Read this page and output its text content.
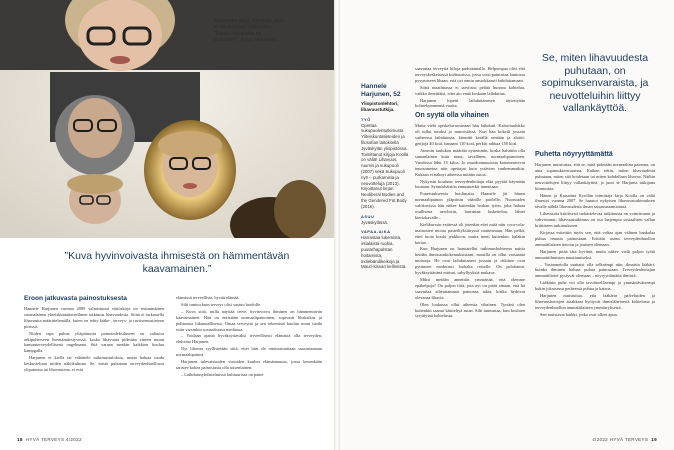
Naiseteen liittyy ihanteita, joita ei voi koskaan saavuttaa. ”Kenen tavoitteita se palvelee?”, kysyy Harjunen.
”Kuva hyvinvoivasta ihmisestä on hämmentävän kaavamainen.”
Eroon jatkuvasta painostuksesta

Hannele Harjunen vuonna 2009 valmistunut väitöskirja on ensimmäinen suomalainen yhteiskuntatieteellinen tutkimus lihavuudesta. Siinä ei tarkastella lihavuutta määrittelemällä, kuten on tehty lääke-, terveys- ja ravitsemustieteen piirissä.

Niiden tapa puhua yltäpäinosta painoindeksilineen on valtaosa arkipuheeseen lisentämävstyvessä, koska lihavuuta pidetään eineen muun kansanterveydellisenä ongelmana. Sitä varaan meidän kaikkien koulua kampgalla.

Harjunen ei kiellä tai vähättele tutkimustuloksia, mutta haluaa tuoda keskusteluun niiden näkökulman. Se, mistä puhutaan terveydenhuollossa ylipainona tai lihavuutena, ei esiä

elämässä terveellistä, hyvää elämää.

Silti tuntuu kuin terveys olisi vastuu hoidolle.

– Kuva siitä, millä näyttää terve, hyvinvoiva ihminen on hämmentävän kaavamainen. Hän on entistään normaalipainoinen, sopivasti lihaksikas ja puhtaassa liikunnallisesta. Omaa terveyttä ja sen tekemistä kuuluu moni tuoda esiin varsinkin sosiaalisessa mediassa.

– Voidaan ajatun hyväksyttäväksi terveellisesti elämästä olla terveyden, ehdottaa Harjunen.

Nyt lihavaa syyllistetään siitä, ettei hän ole ominaisuuttaan saavuttamaan normaalipainoa.

Harjunen tulevaisuuden visioiden kuuluu elämänmuuto, jossa kenenkään taristee kokea painostusta olla toisenlainen.

– Laihdutusyhdistelmissä kulttuurissa on paine

18 HYVÄ TERVEYS 4/2022
Hannele Harjunen, 52
Yliopistonlehtori, lihavuustutkija.
TYÖ
Opettaa sukupuolentutkimusta Yliteiskuntatieteiden ja filosofian laitoksella Jyväskylän yliopistossa. Toimittanut kirjoja Koolla on väliä! Lihavuus, ruumis ja sukupuoli (2007) sekä Sukupuoli nyt! – purkamisia ja neuvotteluja (2013). Kirjoittanut kirjan Neoliberal Bodies and the Gendered Fat Body (2016).
ASUU
Jyväskylässä.
VAPAA-AIKA
Harrastaa lukemista, intialaista ruokia, puutarhapalstan hoitamista, indiebändikeikoja ja Mauri-kissan kellimistä.

saavuttaa terveyttä kiloja pudottamalla. Helpompaa olisi että terveyskeskeisessä kulttuurissa, jossa voisi painostaa kuntossa pysymiseen lihaan, eriä ovi ennin ansiokkaasti laihduttamaan.

Siinä maailmassa ei tarvitsisi pelätä huonoa kohtelua, vaikka ilmeittäisi, ettei aio enää koskaan laihduttaa.

Harjunen lopetti laihduttamisen täytettyään kolmekymmentä vuotta.

On syytä olla vihainen

Mutta vielä opiskeluvuosinaan hän laihdutti. Kaloritaulukko oli tullut tutuksi jo murrosiässä. Kun hän kokeili jossain vaiheessa laihdutusta, kiinnitti kerällä sentään ja aloitti: gettjojä 40 kcal, banaani 110 kcal, perkiit rahkaa 150 kcal.

Aineoin taulukon määrätä nyttemmin, koska haluttiin olla samanlainen kuin muut, tavallinen, normaalipainoinen. Vuodessa lähti 15 kiloa. Jo muodonmuutosta kommentoivat innostuneina niin opettajat kuin ystävien vanhemmatkin. Kukaan ei nähnyt aiheessa mitään outoa.

Nykyisin kouluun terveydenhoitaja elää pyytää käymään luonaan. Syömishäiriön ennusmerkit tunnetaan.

Poneistukseesta huolimatta Hannele jäi hänen normaalipainon yläpiiriin väärälle puolelle. Nuoruuden valokuvissa hän näkee kuitenkin hoikan tytön, joka haluaa osallisena aerobicin, harrastaa laskettelua, lähtei kiertokavalle...

Kielikurssin esittessä oli jotenkin ettei mitä niin coca-cola-mainosten moota pasteiltyksiinyssä vaatteissaan. Hän pelkä, ettei tuota koulu jenkkoon, mutta meni kuitenkin. kalakin kertaa.

Kun Harjunen on haastatellut tutkimuskohteena naisia heidän ihmisuonkokemuksistaan, mouilla on ollut varsaanta muistoja. He ovat laihduttaneet jossain ja riikitine ovat pyttimeet moderasti lookalta rotselle. On pelottanut, hyväksyttävänä mitturi, urhyllyyksiä mukava.

Miksi meidän annettiin ymmärtää, että olemme epäkelpoja? On paljon tiitä, jota nyt on pitää ainaan, että hä saavuttaa aiheuttamaan painonsa takia, koska hedrivat olevansa lihavia.

Olen loukussa ollut aiheesta vihainen. Tyrsäni olen kuitenkin saanut käsiteltyä asian. Silti tunnustaa, kun kouluen syrjittyinä kohtelusta.

Se, miten lihavuudesta puhutaan, on sopimuksenvaraista, ja neuvotteluihin liittyy vallankäyttöä.
Puhetta nöyryyttämättä

Harjunen muistuttaa, että se, mitä pidetään normaalina painona, on aina sopimuksenvaraista. Kaiken sekin, miten lihavuudesta puhutaan, miten sitä hoidetaan tai miten kohdellaan lihavaa. Näihin neuvottelujen liittyy vallankäyttöä, ja juuri se Harjunta tutkijana kiinnostaa.

Hänen ja Kaisaiina Kyrölän toimittaja kirja Koolla on väliä ilmestyi vuonna 2007. Se haastoi nykyisen lihavuustutkimuksen tavalle nähdä lihavuudesta ilman sairausnaamioinaa.

Lihavuutta kriittisesti tarkastelevaa tutkimusta on voimistunut ja vahvistunut: lihavuustutkimus on osa laajempia sosiaalisen vallan kriittiseen tutkimukseen.

Kirjassa esitettiin myös sen, että valtaa ajan välinen hankalaa puhua omasta painostaan. Erittäin usean terveydenhuollon ammattilaisten tietoon ja joutuen olemaan.

Harjunen pitää tätä hyvänä, mutta näkee vielä paljon työtä ammattiihmisten muuttamiseksi.

– Vastaanotolla saattaisi olla selkeämpi niin, ilmaista lääkäri, kuinka ihminen haluaa puhua painostaan. Terveydenhoitajan ammattilaiset pystyvät olemaan – nöyryyttämättä ihmistä.

Lääkärin puhe voi olla tavoitteellisempi ja ymmärtäväisempi kukin jokaisessa perheessä puhua ja katsoa.

Harjunen muistuttaa, että lääkärin palveluiden ja lihavuushoitojen asiakkaat hyötyvät ihmisläheisestä kohtelusta ja terveydenhuollon ammattilaisten ymmärryksestä.

Sen muistavat kaikki, jotka ovat olleet apua.

4/2022 HYVÄ TERVEYS 19
